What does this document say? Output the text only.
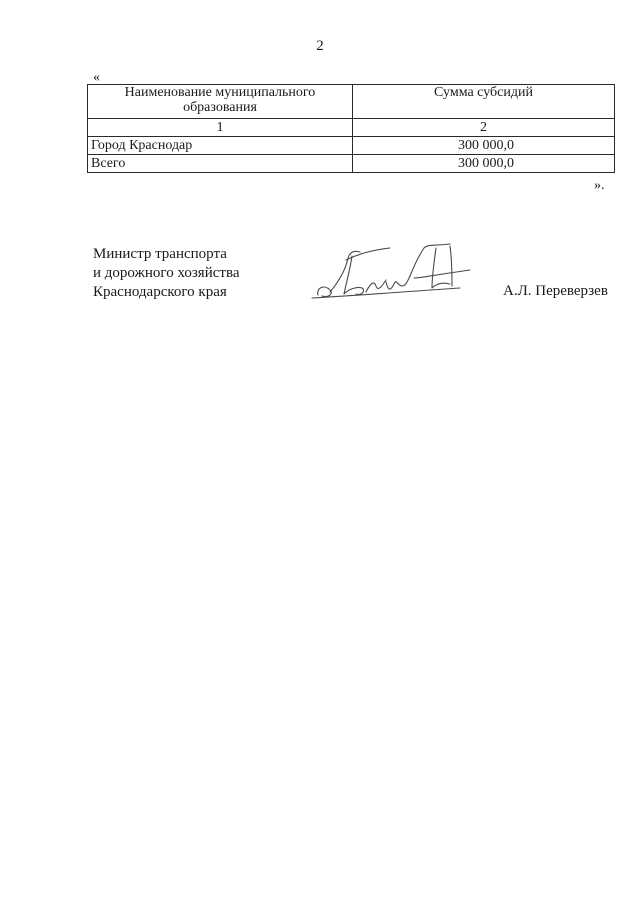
2
«
Наименование муниципального образования	Сумма субсидий
1	2
Город Краснодар	300 000,0
Всего	300 000,0
».
Министр транспорта
и дорожного хозяйства
Краснодарского края	А.Л. Переверзев
